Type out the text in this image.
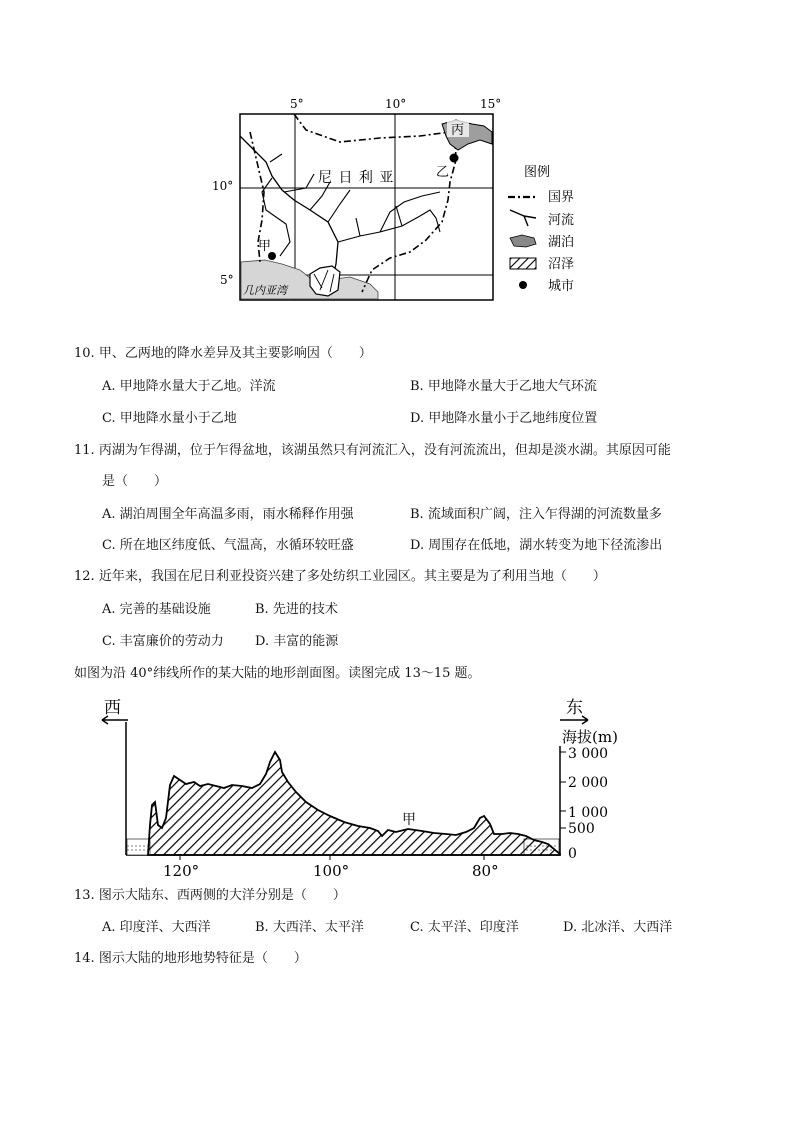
丙
甲
乙
尼 日 利 亚
几内亚湾
5°	10°	15°
10°
5°
图例
国界
河流
湖泊
沼泽
城市
10. 甲、乙两地的降水差异及其主要影响因（　　）
A. 甲地降水量大于乙地。洋流	B. 甲地降水量大于乙地大气环流
C. 甲地降水量小于乙地	D. 甲地降水量小于乙地纬度位置
11. 丙湖为乍得湖，位于乍得盆地，该湖虽然只有河流汇入，没有河流流出，但却是淡水湖。其原因可能
是（　　）
A. 湖泊周围全年高温多雨，雨水稀释作用强	B. 流域面积广阔，注入乍得湖的河流数量多
C. 所在地区纬度低、气温高，水循环较旺盛	D. 周围存在低地，湖水转变为地下径流渗出
12. 近年来，我国在尼日利亚投资兴建了多处纺织工业园区。其主要是为了利用当地（　　）
A. 完善的基础设施	B. 先进的技术
C. 丰富廉价的劳动力 D. 丰富的能源
如图为沿 40°纬线所作的某大陆的地形剖面图。读图完成 13～15 题。
西	东
海拔(m)
甲
3 000
2 000
1 000
500
0
120°	100°	80°
13. 图示大陆东、西两侧的大洋分别是（　　）
A. 印度洋、大西洋	B. 大西洋、太平洋	C. 太平洋、印度洋	D. 北冰洋、大西洋
14. 图示大陆的地形地势特征是（　　）
